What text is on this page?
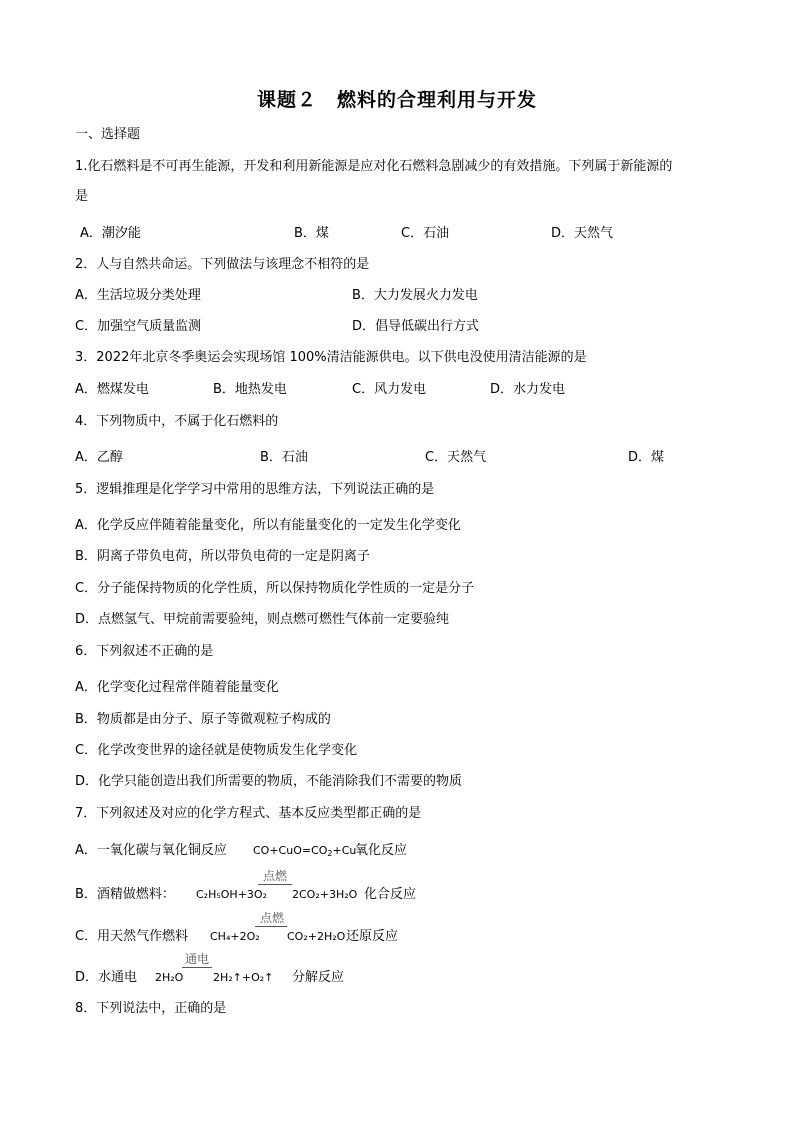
课题２　燃料的合理利用与开发
一、选择题
1.化石燃料是不可再生能源，开发和利用新能源是应对化石燃料急剧减少的有效措施。下列属于新能源的
是
A．潮汐能	B．煤	C．石油	D．天然气
2．人与自然共命运。下列做法与该理念不相符的是
A．生活垃圾分类处理	B．大力发展火力发电
C．加强空气质量监测	D．倡导低碳出行方式
3．2022年北京冬季奥运会实现场馆 100%清洁能源供电。以下供电没使用清洁能源的是
A．燃煤发电	B．地热发电	C．风力发电	D．水力发电
4．下列物质中，不属于化石燃料的
A．乙醇	B．石油	C．天然气	D．煤
5．逻辑推理是化学学习中常用的思维方法，下列说法正确的是
A．化学反应伴随着能量变化，所以有能量变化的一定发生化学变化
B．阴离子带负电荷，所以带负电荷的一定是阴离子
C．分子能保持物质的化学性质，所以保持物质化学性质的一定是分子
D．点燃氢气、甲烷前需要验纯，则点燃可燃性气体前一定要验纯
6．下列叙述不正确的是
A．化学变化过程常伴随着能量变化
B．物质都是由分子、原子等微观粒子构成的
C．化学改变世界的途径就是使物质发生化学变化
D．化学只能创造出我们所需要的物质，不能消除我们不需要的物质
7．下列叙述及对应的化学方程式、基本反应类型都正确的是
A．一氧化碳与氧化铜反应 $CO+CuO=CO_2+Cu$
氧化反应
B．酒精做燃料： C₂H₅OH+3O₂
点燃
2CO₂+3H₂O 化合反应
C．用天然气作燃料 CH₄+2O₂
点燃
CO₂+2H₂O 还原反应
D．水通电 2H₂O
通电
2H₂↑+O₂↑ 分解反应
8．下列说法中，正确的是
